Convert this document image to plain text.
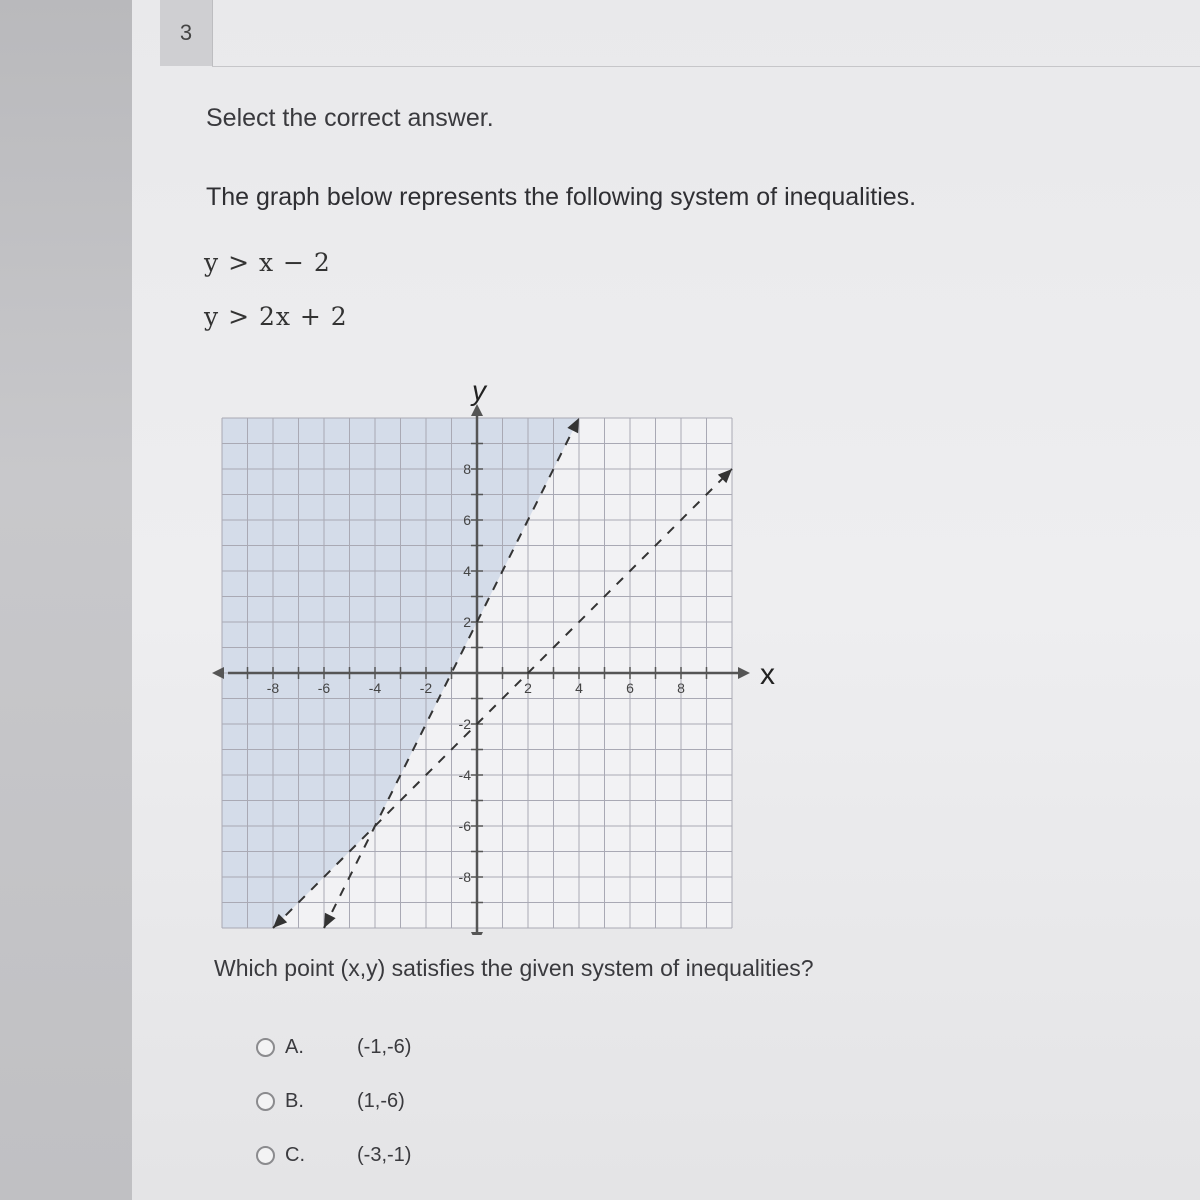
3
Select the correct answer.
The graph below represents the following system of inequalities.
y > x − 2
y > 2x + 2
-8	-6	-4	-2	2	4	6	8
8
6
4
2
-2
-4
-6
-8
x
y
Which point (x,y) satisfies the given system of inequalities?
A.	(-1,-6)
B.	(1,-6)
C.	(-3,-1)
